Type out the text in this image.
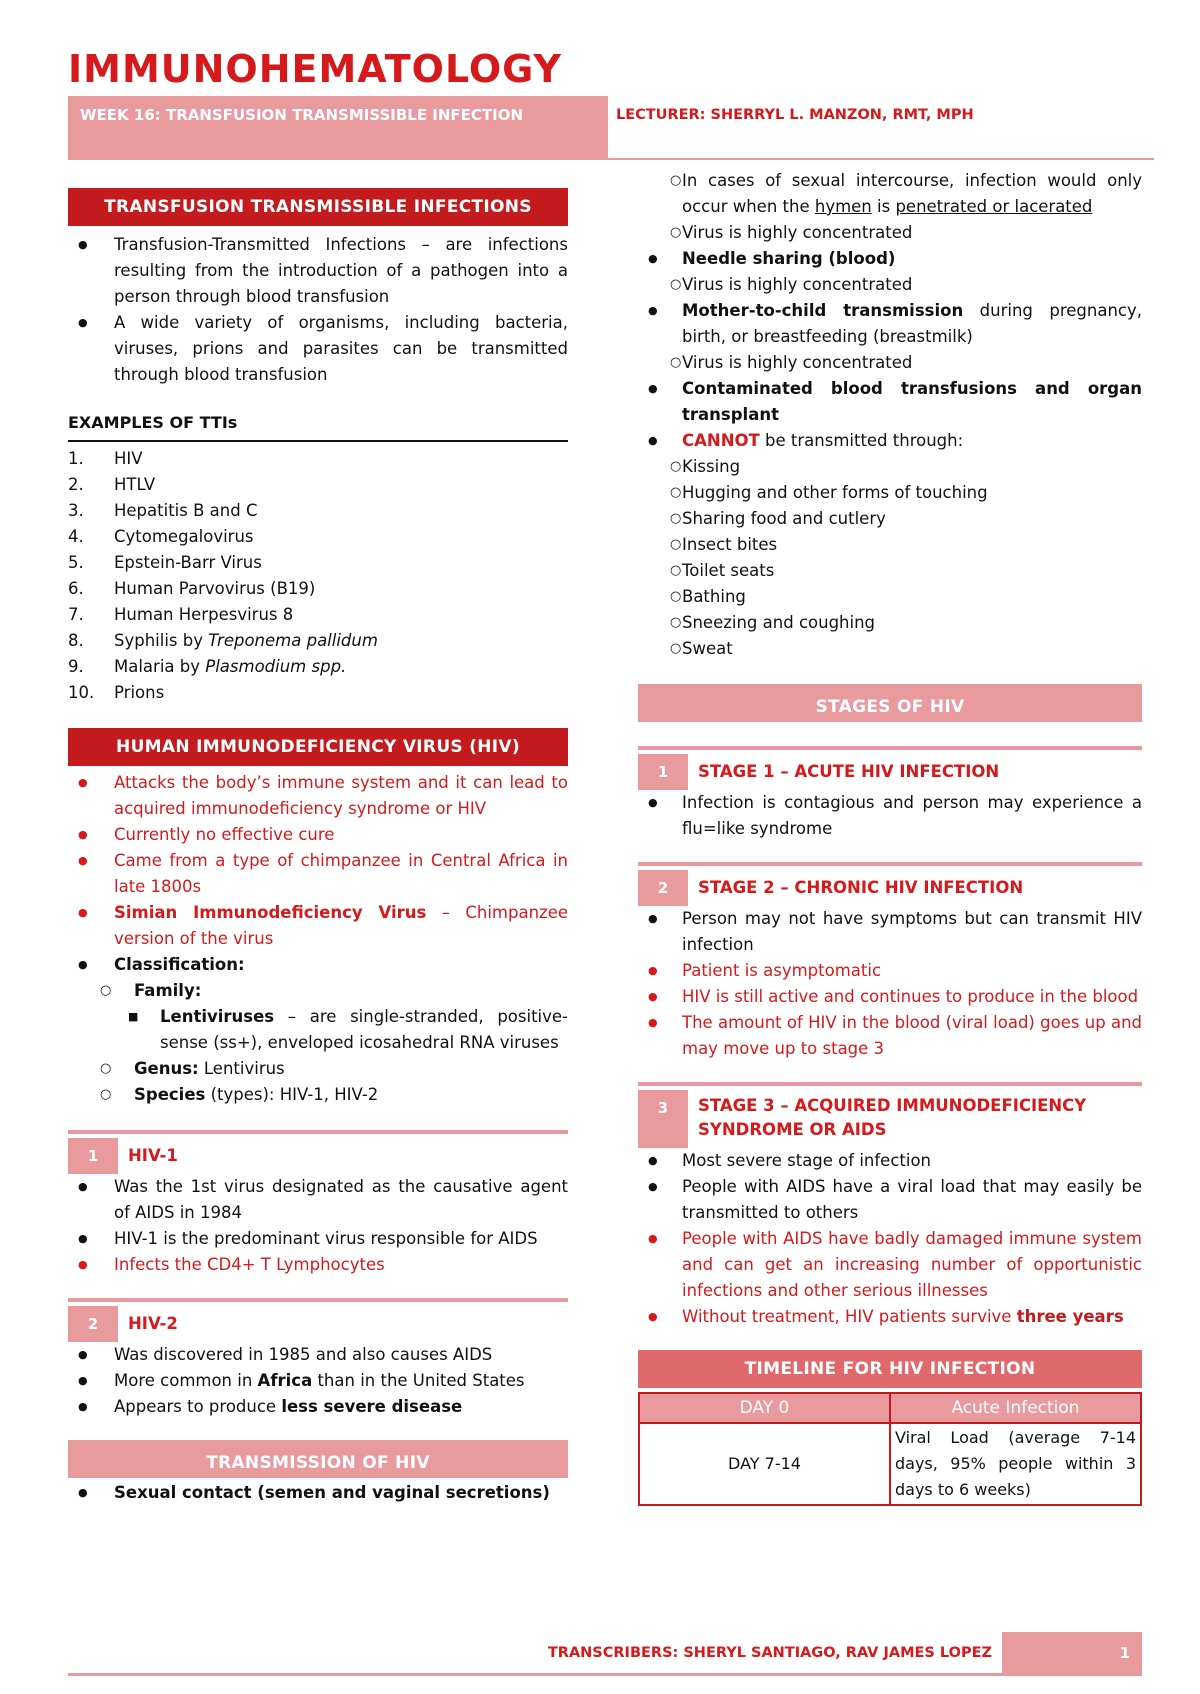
IMMUNOHEMATOLOGY
WEEK 16: TRANSFUSION TRANSMISSIBLE INFECTION	LECTURER: SHERRYL L. MANZON, RMT, MPH
TRANSFUSION TRANSMISSIBLE INFECTIONS
● Transfusion-Transmitted Infections – are infections resulting from the introduction of a pathogen into a person through blood transfusion
● A wide variety of organisms, including bacteria, viruses, prions and parasites can be transmitted through blood transfusion
EXAMPLES OF TTIs
1.	HIV
2.	HTLV
3.	Hepatitis B and C
4.	Cytomegalovirus
5.	Epstein-Barr Virus
6.	Human Parvovirus (B19)
7.	Human Herpesvirus 8
8.	Syphilis by Treponema pallidum
9.	Malaria by Plasmodium spp.
10.	Prions
HUMAN IMMUNODEFICIENCY VIRUS (HIV)
● Attacks the body’s immune system and it can lead to acquired immunodeficiency syndrome or HIV
● Currently no effective cure
● Came from a type of chimpanzee in Central Africa in late 1800s
● Simian Immunodeficiency Virus – Chimpanzee version of the virus
● Classification:
○ Family:
■ Lentiviruses – are single-stranded, positive-sense (ss+), enveloped icosahedral RNA viruses
○ Genus: Lentivirus
○ Species (types): HIV-1, HIV-2
1	HIV-1
● Was the 1st virus designated as the causative agent of AIDS in 1984
● HIV-1 is the predominant virus responsible for AIDS
● Infects the CD4+ T Lymphocytes
2	HIV-2
● Was discovered in 1985 and also causes AIDS
● More common in Africa than in the United States
● Appears to produce less severe disease
TRANSMISSION OF HIV
● Sexual contact (semen and vaginal secretions)
○ In cases of sexual intercourse, infection would only occur when the hymen is penetrated or lacerated
○ Virus is highly concentrated
● Needle sharing (blood)
○ Virus is highly concentrated
● Mother-to-child transmission during pregnancy, birth, or breastfeeding (breastmilk)
○ Virus is highly concentrated
● Contaminated blood transfusions and organ transplant
● CANNOT be transmitted through:
○ Kissing
○ Hugging and other forms of touching
○ Sharing food and cutlery
○ Insect bites
○ Toilet seats
○ Bathing
○ Sneezing and coughing
○ Sweat
STAGES OF HIV
1	STAGE 1 – ACUTE HIV INFECTION
● Infection is contagious and person may experience a flu=like syndrome
2	STAGE 2 – CHRONIC HIV INFECTION
● Person may not have symptoms but can transmit HIV infection
● Patient is asymptomatic
● HIV is still active and continues to produce in the blood
● The amount of HIV in the blood (viral load) goes up and may move up to stage 3
3	STAGE 3 – ACQUIRED IMMUNODEFICIENCY SYNDROME OR AIDS
● Most severe stage of infection
● People with AIDS have a viral load that may easily be transmitted to others
● People with AIDS have badly damaged immune system and can get an increasing number of opportunistic infections and other serious illnesses
● Without treatment, HIV patients survive three years
TIMELINE FOR HIV INFECTION
DAY 0	Acute Infection
DAY 7-14	Viral Load (average 7-14 days, 95% people within 3 days to 6 weeks)
TRANSCRIBERS: SHERYL SANTIAGO, RAV JAMES LOPEZ	1
